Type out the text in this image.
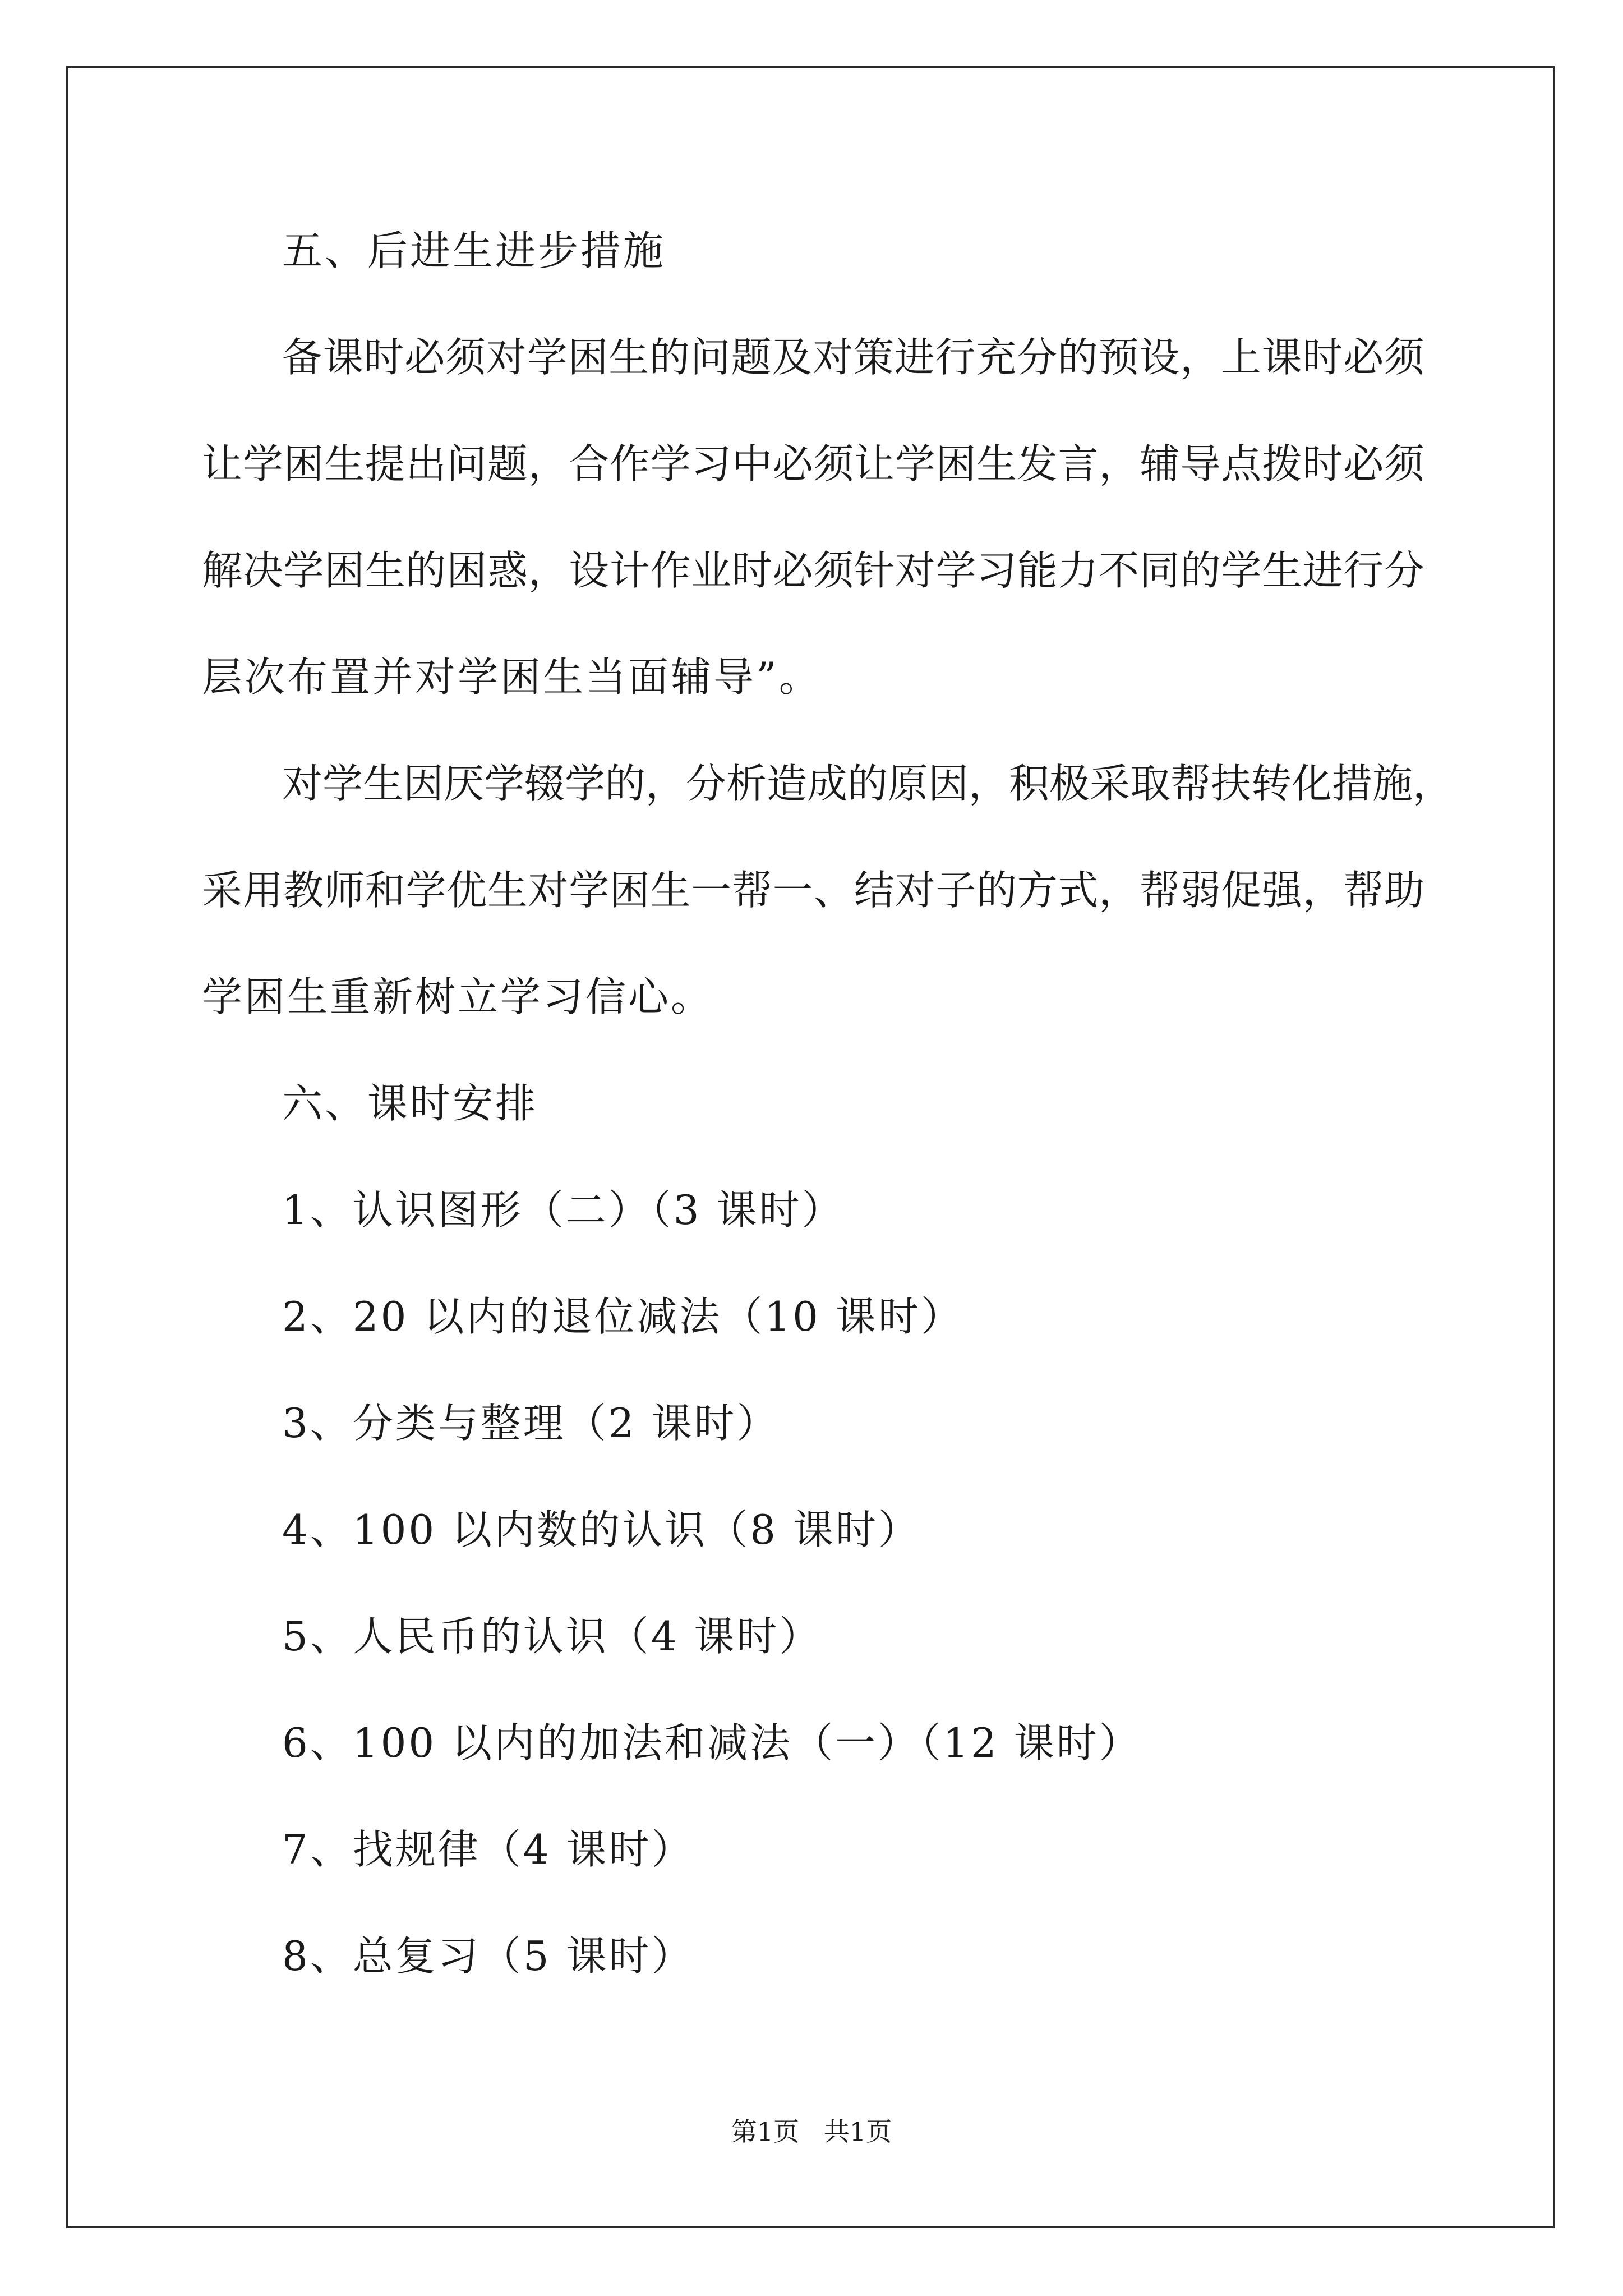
五、后进生进步措施
备课时必须对学困生的问题及对策进行充分的预设，上课时必须
让学困生提出问题，合作学习中必须让学困生发言，辅导点拨时必须
解决学困生的困惑，设计作业时必须针对学习能力不同的学生进行分
层次布置并对学困生当面辅导”。
对学生因厌学辍学的，分析造成的原因，积极采取帮扶转化措施，
采用教师和学优生对学困生一帮一、结对子的方式，帮弱促强，帮助
学困生重新树立学习信心。
六、课时安排
1、认识图形（二）（3 课时）
2、20 以内的退位减法（10 课时）
3、分类与整理（2 课时）
4、100 以内数的认识（8 课时）
5、人民币的认识（4 课时）
6、100 以内的加法和减法（一）（12 课时）
7、找规律（4 课时）
8、总复习（5 课时）
第1页   共1页
